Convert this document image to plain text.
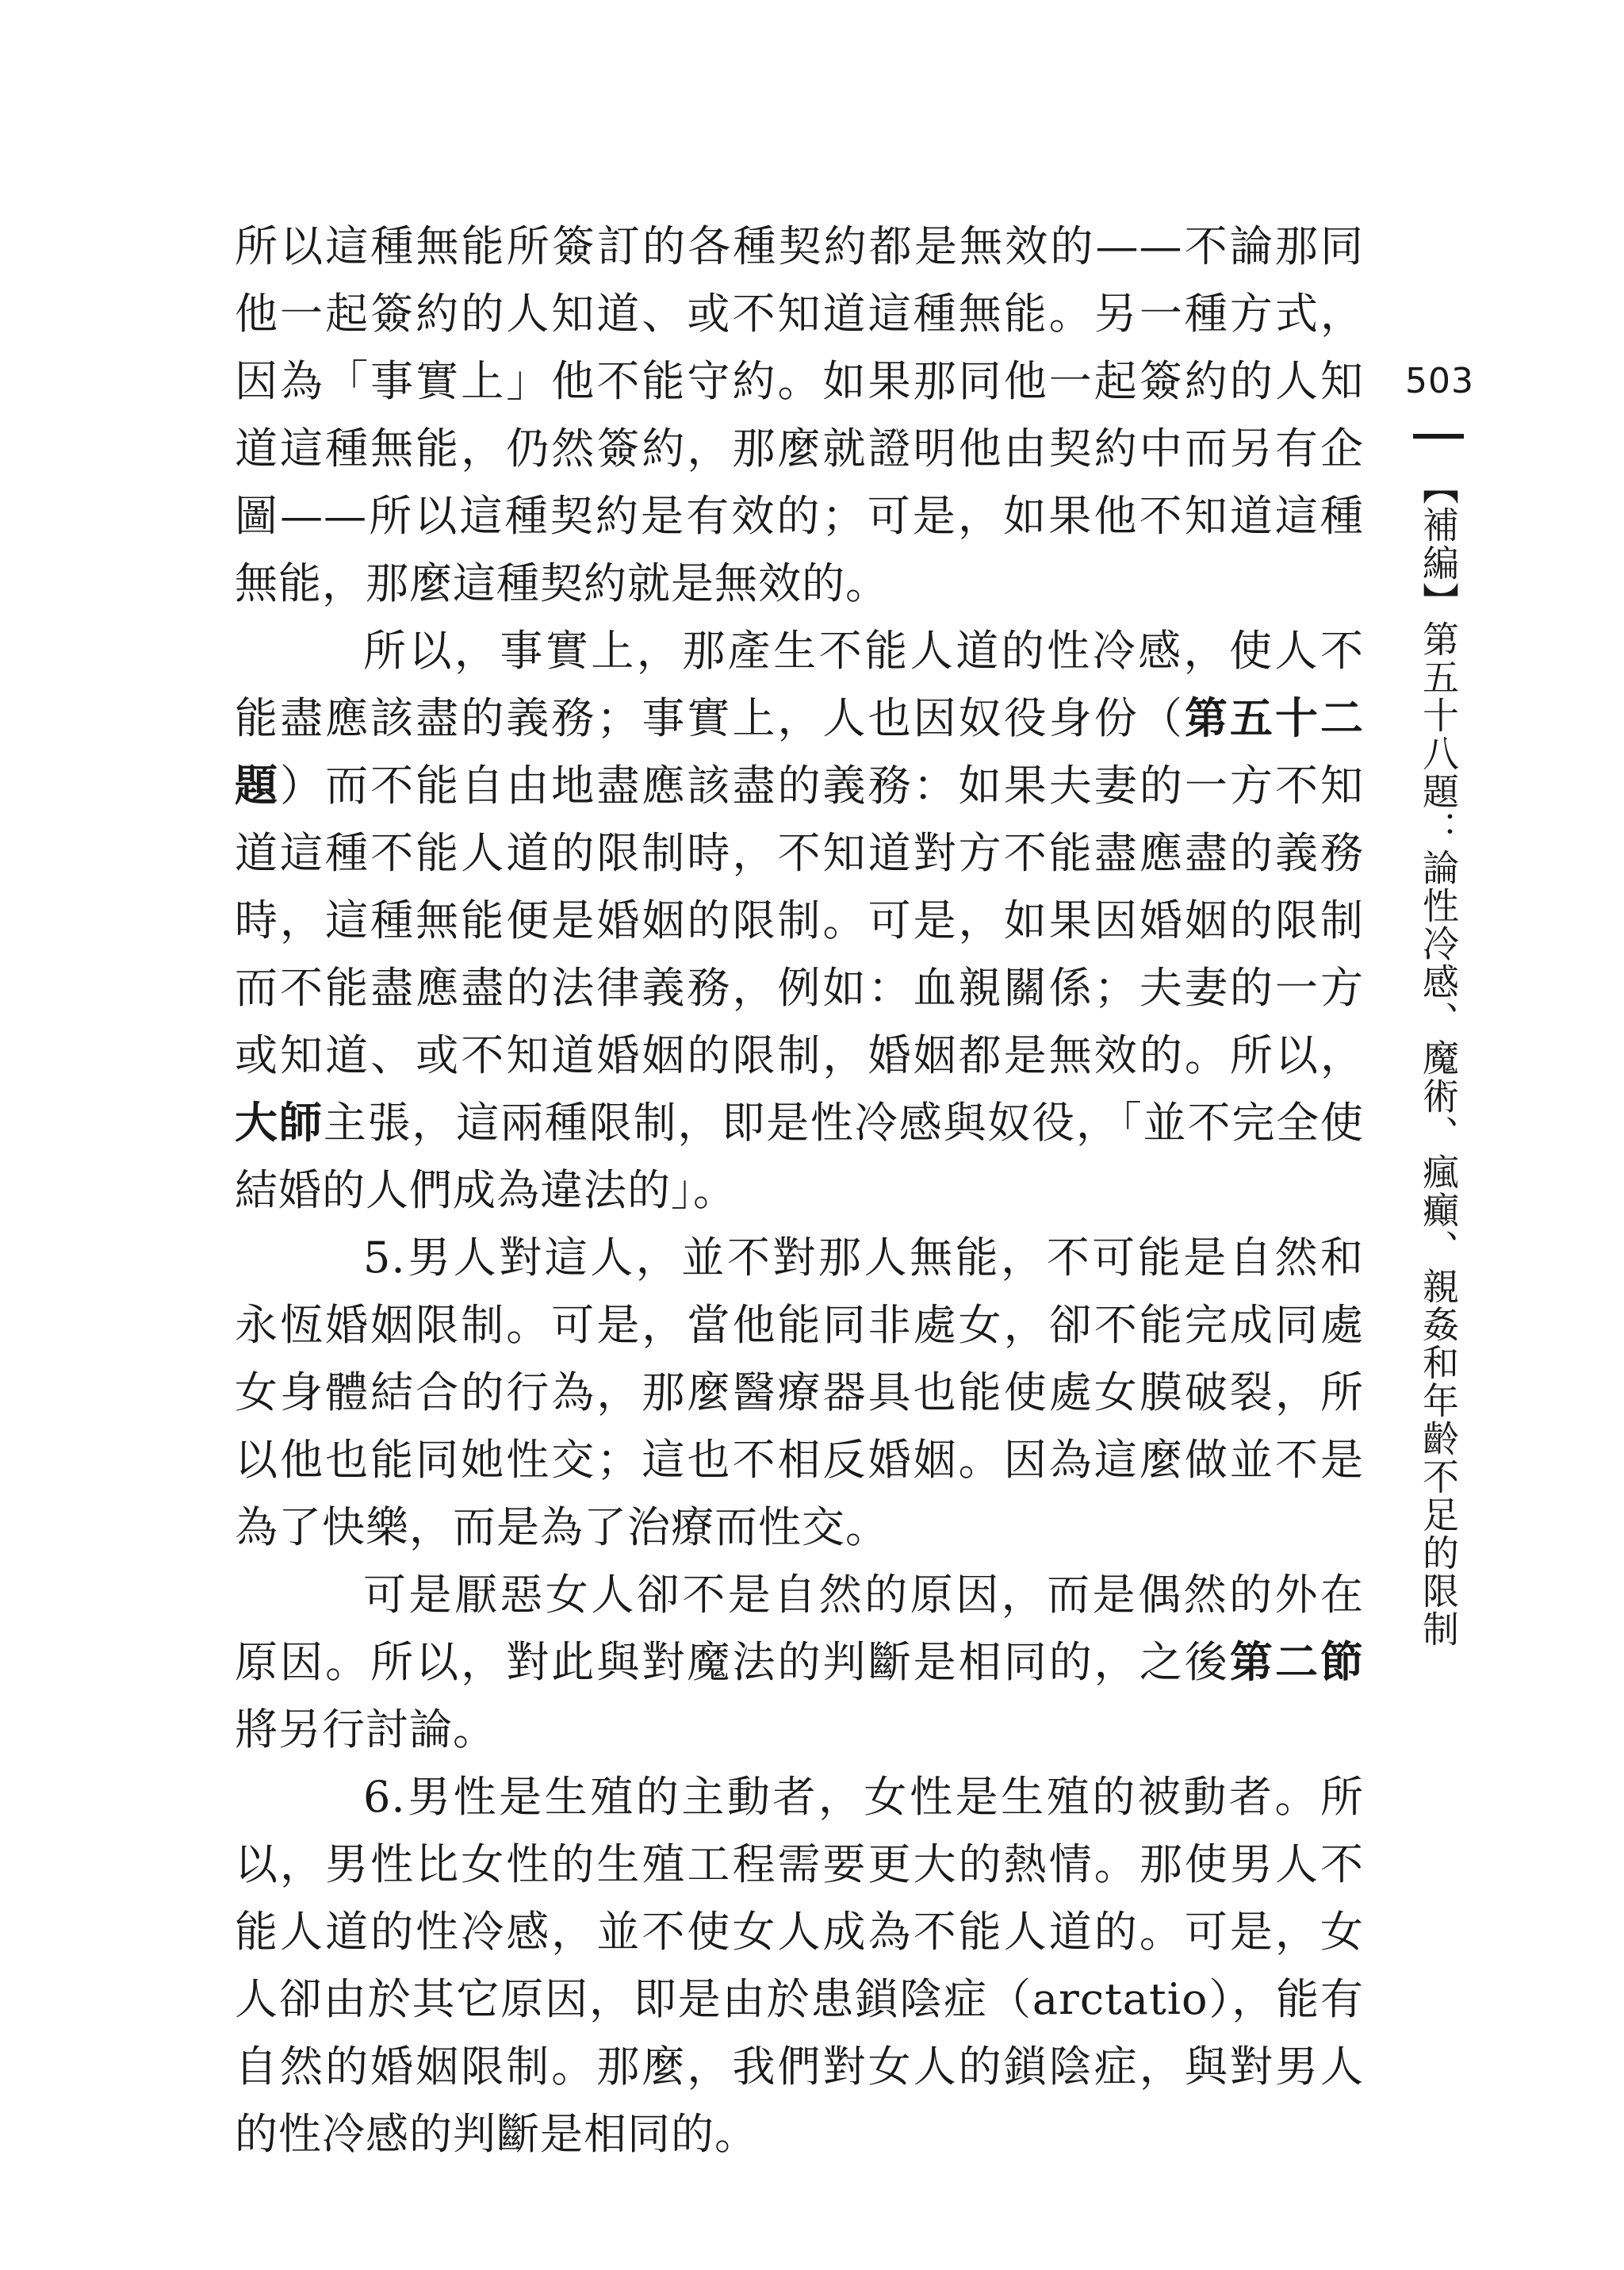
所以這種無能所簽訂的各種契約都是無效的——不論那同他一起簽約的人知道、或不知道這種無能。另一種方式，因為「事實上」他不能守約。如果那同他一起簽約的人知道這種無能，仍然簽約，那麼就證明他由契約中而另有企圖——所以這種契約是有效的；可是，如果他不知道這種無能，那麼這種契約就是無效的。

所以，事實上，那產生不能人道的性冷感，使人不能盡應該盡的義務；事實上，人也因奴役身份（第五十二題）而不能自由地盡應該盡的義務：如果夫妻的一方不知道這種不能人道的限制時，不知道對方不能盡應盡的義務時，這種無能便是婚姻的限制。可是，如果因婚姻的限制而不能盡應盡的法律義務，例如：血親關係；夫妻的一方或知道、或不知道婚姻的限制，婚姻都是無效的。所以，大師主張，這兩種限制，即是性冷感與奴役，「並不完全使結婚的人們成為違法的」。

5.男人對這人，並不對那人無能，不可能是自然和永恆婚姻限制。可是，當他能同非處女，卻不能完成同處女身體結合的行為，那麼醫療器具也能使處女膜破裂，所以他也能同她性交；這也不相反婚姻。因為這麼做並不是為了快樂，而是為了治療而性交。

可是厭惡女人卻不是自然的原因，而是偶然的外在原因。所以，對此與對魔法的判斷是相同的，之後第二節將另行討論。

6.男性是生殖的主動者，女性是生殖的被動者。所以，男性比女性的生殖工程需要更大的熱情。那使男人不能人道的性冷感，並不使女人成為不能人道的。可是，女人卻由於其它原因，即是由於患鎖陰症（arctatio），能有自然的婚姻限制。那麼，我們對女人的鎖陰症，與對男人的性冷感的判斷是相同的。

503
【補編】第五十八題：論性冷感、魔術、瘋癲、親姦和年齡不足的限制
